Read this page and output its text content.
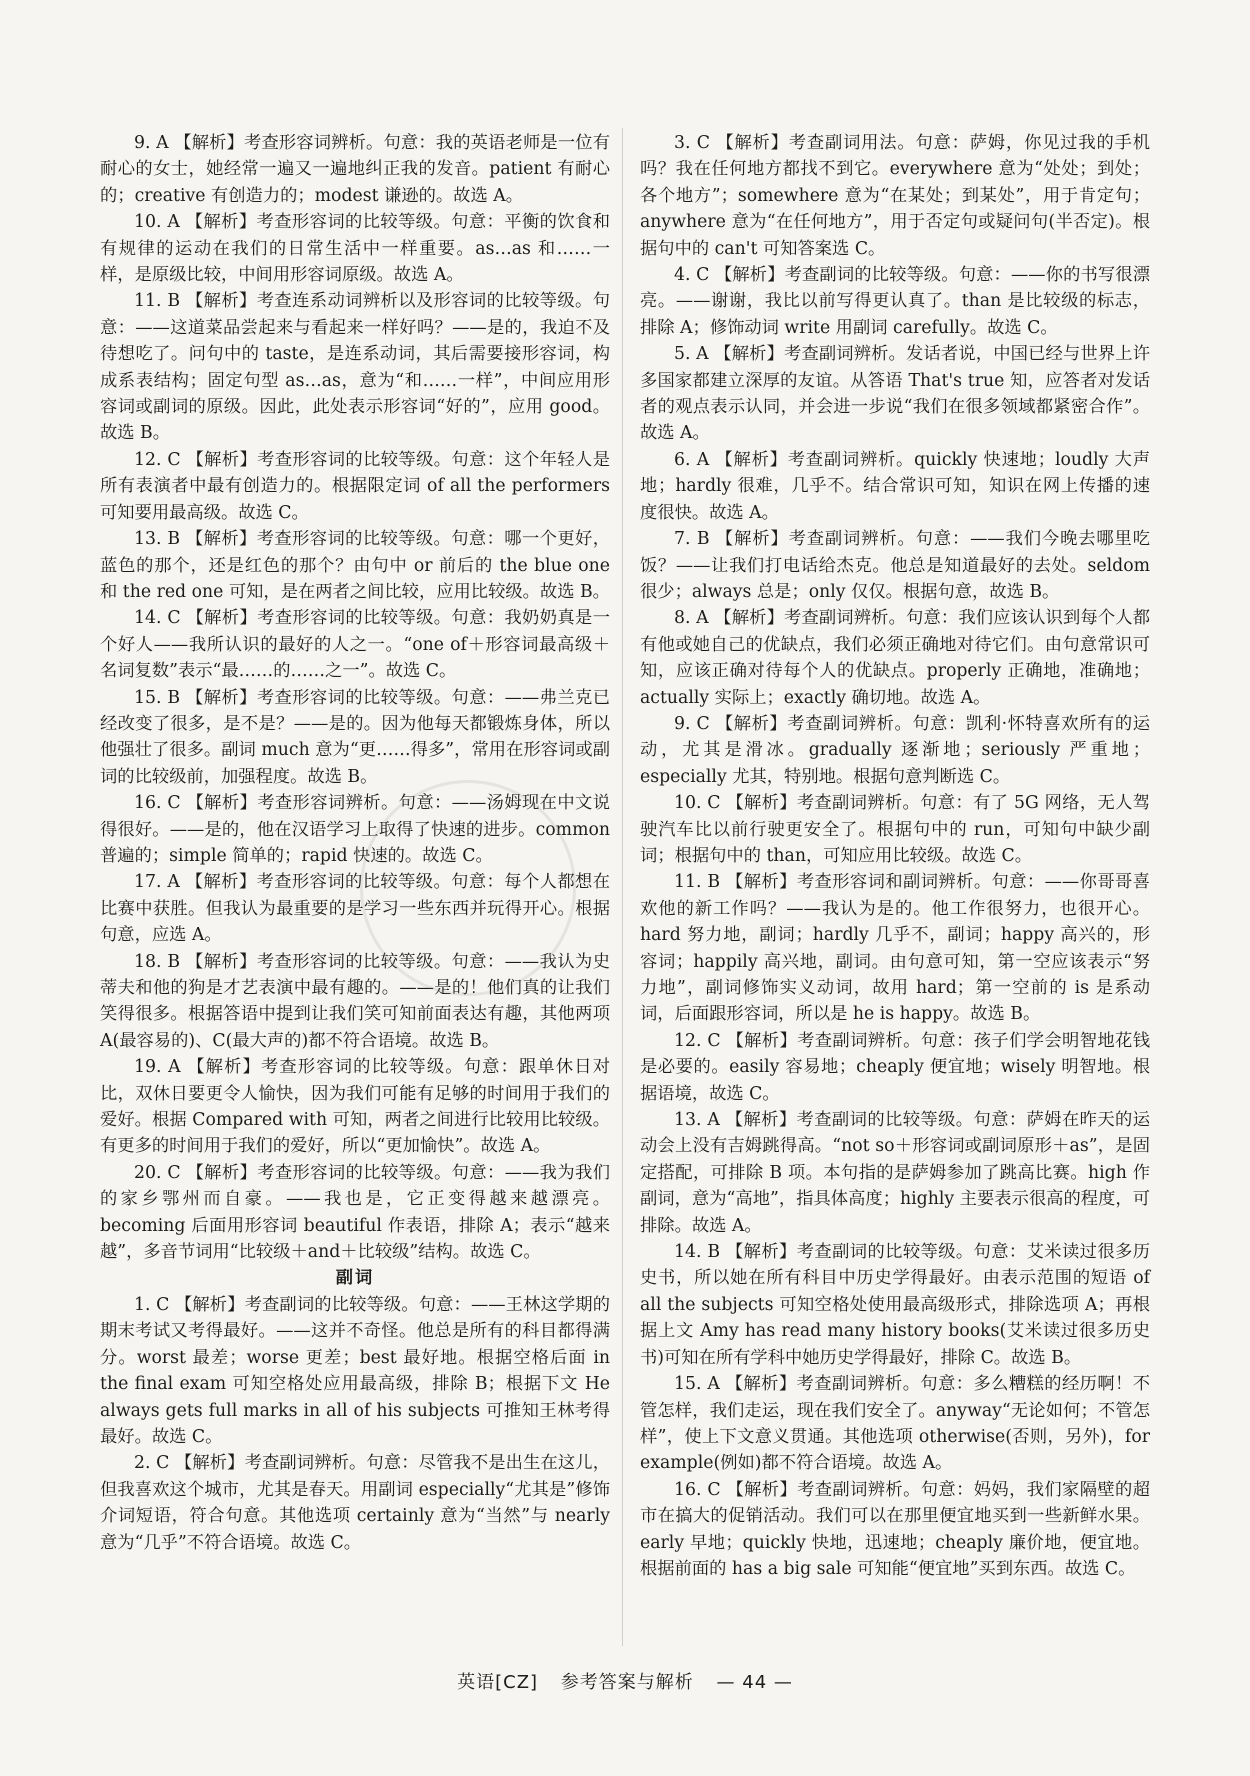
9. A 【解析】考查形容词辨析。句意：我的英语老师是一位有耐心的女士，她经常一遍又一遍地纠正我的发音。patient 有耐心的；creative 有创造力的；modest 谦逊的。故选 A。

10. A 【解析】考查形容词的比较等级。句意：平衡的饮食和有规律的运动在我们的日常生活中一样重要。as…as 和……一样，是原级比较，中间用形容词原级。故选 A。

11. B 【解析】考查连系动词辨析以及形容词的比较等级。句意：——这道菜品尝起来与看起来一样好吗？——是的，我迫不及待想吃了。问句中的 taste，是连系动词，其后需要接形容词，构成系表结构；固定句型 as…as，意为“和……一样”，中间应用形容词或副词的原级。因此，此处表示形容词“好的”，应用 good。故选 B。

12. C 【解析】考查形容词的比较等级。句意：这个年轻人是所有表演者中最有创造力的。根据限定词 of all the performers 可知要用最高级。故选 C。

13. B 【解析】考查形容词的比较等级。句意：哪一个更好，蓝色的那个，还是红色的那个？由句中 or 前后的 the blue one 和 the red one 可知，是在两者之间比较，应用比较级。故选 B。

14. C 【解析】考查形容词的比较等级。句意：我奶奶真是一个好人——我所认识的最好的人之一。“one of＋形容词最高级＋名词复数”表示“最……的……之一”。故选 C。

15. B 【解析】考查形容词的比较等级。句意：——弗兰克已经改变了很多，是不是？——是的。因为他每天都锻炼身体，所以他强壮了很多。副词 much 意为“更……得多”，常用在形容词或副词的比较级前，加强程度。故选 B。

16. C 【解析】考查形容词辨析。句意：——汤姆现在中文说得很好。——是的，他在汉语学习上取得了快速的进步。common 普遍的；simple 简单的；rapid 快速的。故选 C。

17. A 【解析】考查形容词的比较等级。句意：每个人都想在比赛中获胜。但我认为最重要的是学习一些东西并玩得开心。根据句意，应选 A。

18. B 【解析】考查形容词的比较等级。句意：——我认为史蒂夫和他的狗是才艺表演中最有趣的。——是的！他们真的让我们笑得很多。根据答语中提到让我们笑可知前面表达有趣，其他两项 A(最容易的)、C(最大声的)都不符合语境。故选 B。

19. A 【解析】考查形容词的比较等级。句意：跟单休日对比，双休日要更令人愉快，因为我们可能有足够的时间用于我们的爱好。根据 Compared with 可知，两者之间进行比较用比较级。有更多的时间用于我们的爱好，所以“更加愉快”。故选 A。

20. C 【解析】考查形容词的比较等级。句意：——我为我们的家乡鄂州而自豪。——我也是，它正变得越来越漂亮。becoming 后面用形容词 beautiful 作表语，排除 A；表示“越来越”，多音节词用“比较级＋and＋比较级”结构。故选 C。

副词

1. C 【解析】考查副词的比较等级。句意：——王林这学期的期末考试又考得最好。——这并不奇怪。他总是所有的科目都得满分。worst 最差；worse 更差；best 最好地。根据空格后面 in the final exam 可知空格处应用最高级，排除 B；根据下文 He always gets full marks in all of his subjects 可推知王林考得最好。故选 C。

2. C 【解析】考查副词辨析。句意：尽管我不是出生在这儿，但我喜欢这个城市，尤其是春天。用副词 especially“尤其是”修饰介词短语，符合句意。其他选项 certainly 意为“当然”与 nearly 意为“几乎”不符合语境。故选 C。

3. C 【解析】考查副词用法。句意：萨姆，你见过我的手机吗？我在任何地方都找不到它。everywhere 意为“处处；到处；各个地方”；somewhere 意为“在某处；到某处”，用于肯定句；anywhere 意为“在任何地方”，用于否定句或疑问句(半否定)。根据句中的 can't 可知答案选 C。

4. C 【解析】考查副词的比较等级。句意：——你的书写很漂亮。——谢谢，我比以前写得更认真了。than 是比较级的标志，排除 A；修饰动词 write 用副词 carefully。故选 C。

5. A 【解析】考查副词辨析。发话者说，中国已经与世界上许多国家都建立深厚的友谊。从答语 That's true 知，应答者对发话者的观点表示认同，并会进一步说“我们在很多领域都紧密合作”。故选 A。

6. A 【解析】考查副词辨析。quickly 快速地；loudly 大声地；hardly 很难，几乎不。结合常识可知，知识在网上传播的速度很快。故选 A。

7. B 【解析】考查副词辨析。句意：——我们今晚去哪里吃饭？——让我们打电话给杰克。他总是知道最好的去处。seldom 很少；always 总是；only 仅仅。根据句意，故选 B。

8. A 【解析】考查副词辨析。句意：我们应该认识到每个人都有他或她自己的优缺点，我们必须正确地对待它们。由句意常识可知，应该正确对待每个人的优缺点。properly 正确地，准确地；actually 实际上；exactly 确切地。故选 A。

9. C 【解析】考查副词辨析。句意：凯利·怀特喜欢所有的运动，尤其是滑冰。gradually 逐渐地；seriously 严重地；especially 尤其，特别地。根据句意判断选 C。

10. C 【解析】考查副词辨析。句意：有了 5G 网络，无人驾驶汽车比以前行驶更安全了。根据句中的 run，可知句中缺少副词；根据句中的 than，可知应用比较级。故选 C。

11. B 【解析】考查形容词和副词辨析。句意：——你哥哥喜欢他的新工作吗？——我认为是的。他工作很努力，也很开心。hard 努力地，副词；hardly 几乎不，副词；happy 高兴的，形容词；happily 高兴地，副词。由句意可知，第一空应该表示“努力地”，副词修饰实义动词，故用 hard；第一空前的 is 是系动词，后面跟形容词，所以是 he is happy。故选 B。

12. C 【解析】考查副词辨析。句意：孩子们学会明智地花钱是必要的。easily 容易地；cheaply 便宜地；wisely 明智地。根据语境，故选 C。

13. A 【解析】考查副词的比较等级。句意：萨姆在昨天的运动会上没有吉姆跳得高。“not so＋形容词或副词原形＋as”，是固定搭配，可排除 B 项。本句指的是萨姆参加了跳高比赛。high 作副词，意为“高地”，指具体高度；highly 主要表示很高的程度，可排除。故选 A。

14. B 【解析】考查副词的比较等级。句意：艾米读过很多历史书，所以她在所有科目中历史学得最好。由表示范围的短语 of all the subjects 可知空格处使用最高级形式，排除选项 A；再根据上文 Amy has read many history books(艾米读过很多历史书)可知在所有学科中她历史学得最好，排除 C。故选 B。

15. A 【解析】考查副词辨析。句意：多么糟糕的经历啊！不管怎样，我们走运，现在我们安全了。anyway“无论如何；不管怎样”，使上下文意义贯通。其他选项 otherwise(否则，另外)，for example(例如)都不符合语境。故选 A。

16. C 【解析】考查副词辨析。句意：妈妈，我们家隔壁的超市在搞大的促销活动。我们可以在那里便宜地买到一些新鲜水果。early 早地；quickly 快地，迅速地；cheaply 廉价地，便宜地。根据前面的 has a big sale 可知能“便宜地”买到东西。故选 C。

英语[CZ] 参考答案与解析 — 44 —
